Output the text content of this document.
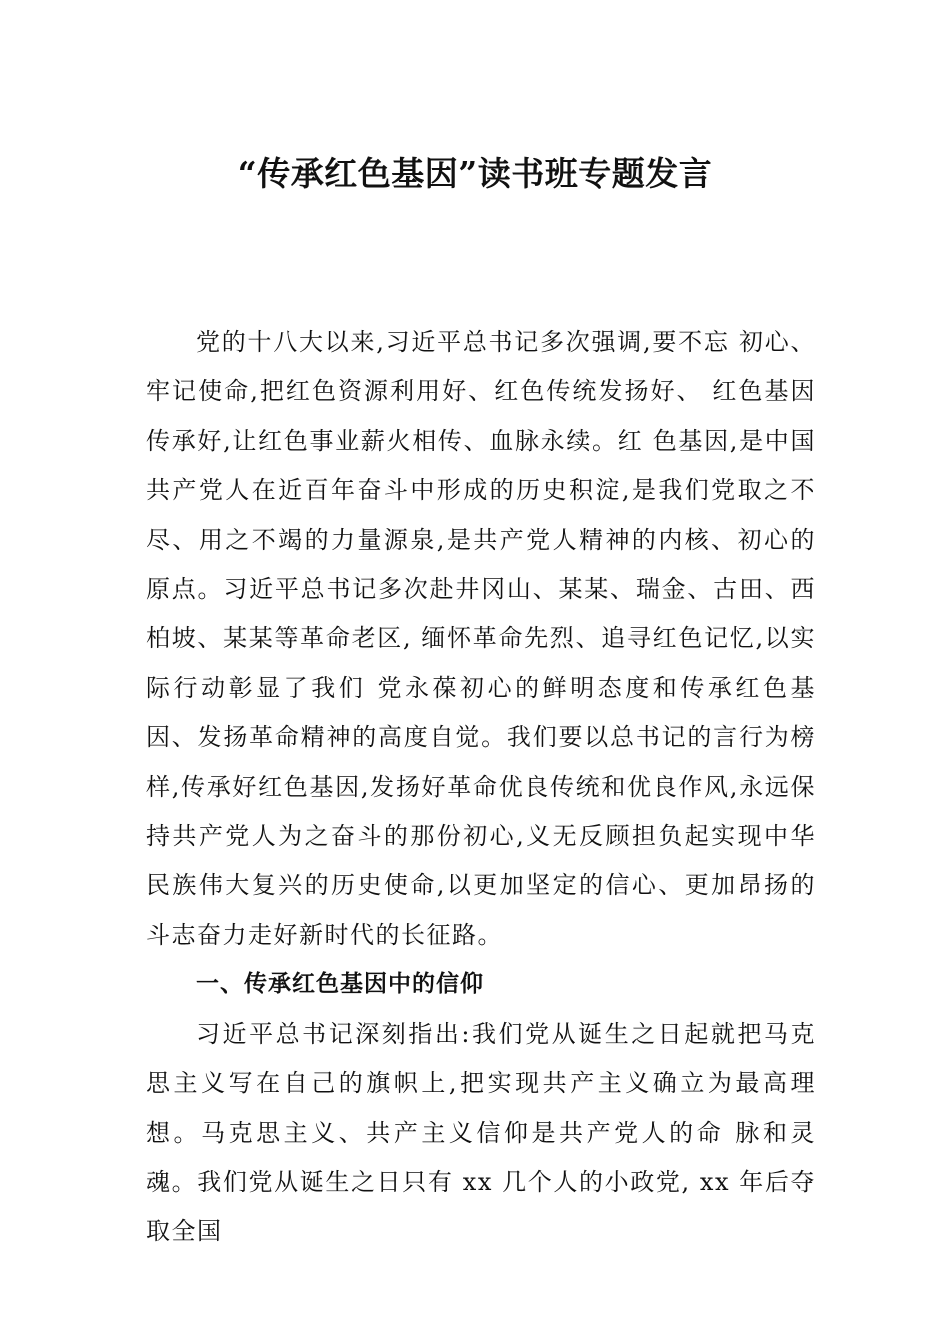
“传承红色基因”读书班专题发言

党的十八大以来,习近平总书记多次强调,要不忘 初心、牢记使命,把红色资源利用好、红色传统发扬好、 红色基因传承好,让红色事业薪火相传、血脉永续。红 色基因,是中国共产党人在近百年奋斗中形成的历史积淀,是我们党取之不尽、用之不竭的力量源泉,是共产党人精神的内核、初心的原点。习近平总书记多次赴井冈山、某某、瑞金、古田、西柏坡、某某等革命老区, 缅怀革命先烈、追寻红色记忆,以实际行动彰显了我们 党永葆初心的鲜明态度和传承红色基因、发扬革命精神的高度自觉。我们要以总书记的言行为榜样,传承好红色基因,发扬好革命优良传统和优良作风,永远保持共产党人为之奋斗的那份初心,义无反顾担负起实现中华民族伟大复兴的历史使命,以更加坚定的信心、更加昂扬的斗志奋力走好新时代的长征路。

一、传承红色基因中的信仰

习近平总书记深刻指出:我们党从诞生之日起就把马克思主义写在自己的旗帜上,把实现共产主义确立为最高理想。马克思主义、共产主义信仰是共产党人的命 脉和灵魂。我们党从诞生之日只有 xx 几个人的小政党, xx 年后夺取全国
